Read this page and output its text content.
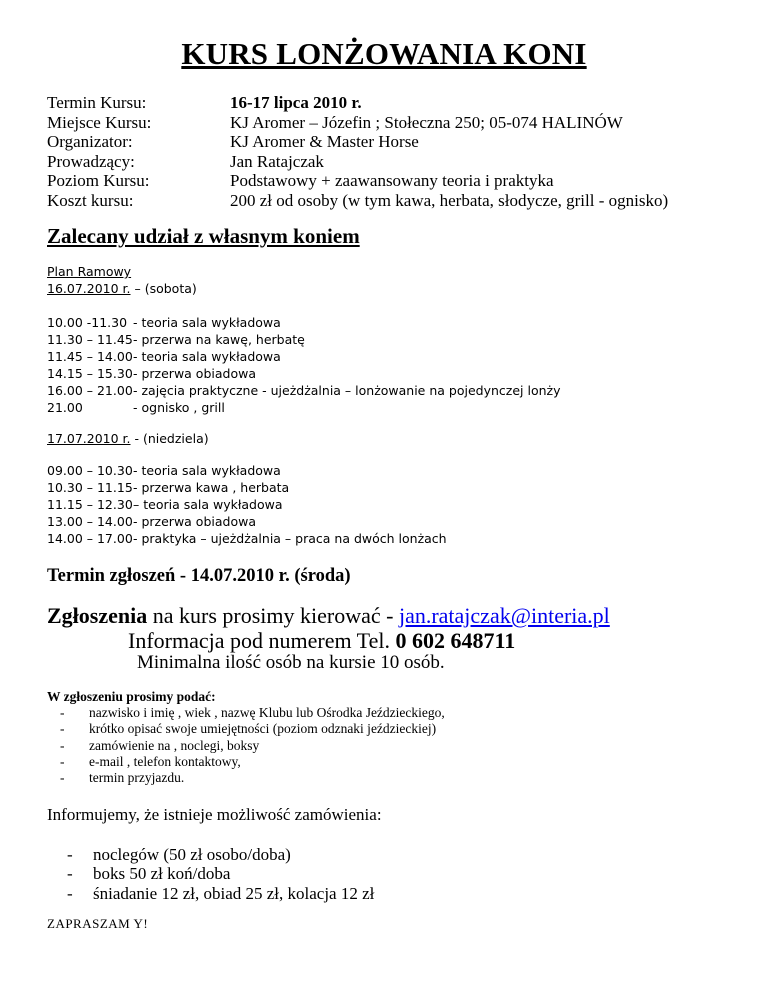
KURS LONŻOWANIA KONI
Termin Kursu:	16-17 lipca 2010 r.
Miejsce Kursu:	KJ Aromer – Józefin ; Stołeczna 250; 05-074 HALINÓW
Organizator:	KJ Aromer & Master Horse
Prowadzący:	Jan Ratajczak
Poziom Kursu:	Podstawowy + zaawansowany teoria i praktyka
Koszt kursu:	200 zł od osoby (w tym kawa, herbata, słodycze, grill - ognisko)
Zalecany udział z własnym koniem
Plan Ramowy
16.07.2010 r. – (sobota)
10.00 -11.30 - teoria sala wykładowa
11.30 – 11.45 - przerwa na kawę, herbatę
11.45 – 14.00 - teoria sala wykładowa
14.15 – 15.30 - przerwa obiadowa
16.00 – 21.00 - zajęcia praktyczne - ujeżdżalnia – lonżowanie na pojedynczej lonży
21.00	- ognisko , grill
17.07.2010 r. - (niedziela)
09.00 – 10.30 - teoria sala wykładowa
10.30 – 11.15 - przerwa kawa , herbata
11.15 – 12.30 – teoria sala wykładowa
13.00 – 14.00 - przerwa obiadowa
14.00 – 17.00 - praktyka – ujeżdżalnia – praca na dwóch lonżach
Termin zgłoszeń - 14.07.2010 r. (środa)
Zgłoszenia na kurs prosimy kierować - jan.ratajczak@interia.pl
Informacja pod numerem Tel. 0 602 648711
Minimalna ilość osób na kursie 10 osób.
W zgłoszeniu prosimy podać:
-	nazwisko i imię , wiek , nazwę Klubu lub Ośrodka Jeździeckiego,
-	krótko opisać swoje umiejętności (poziom odznaki jeździeckiej)
-	zamówienie na , noclegi, boksy
-	e-mail , telefon kontaktowy,
-	termin przyjazdu.
Informujemy, że istnieje możliwość zamówienia:
-	noclegów (50 zł osobo/doba)
-	boks 50 zł koń/doba
-	śniadanie 12 zł, obiad 25 zł, kolacja 12 zł
ZAPRASZAM Y!
